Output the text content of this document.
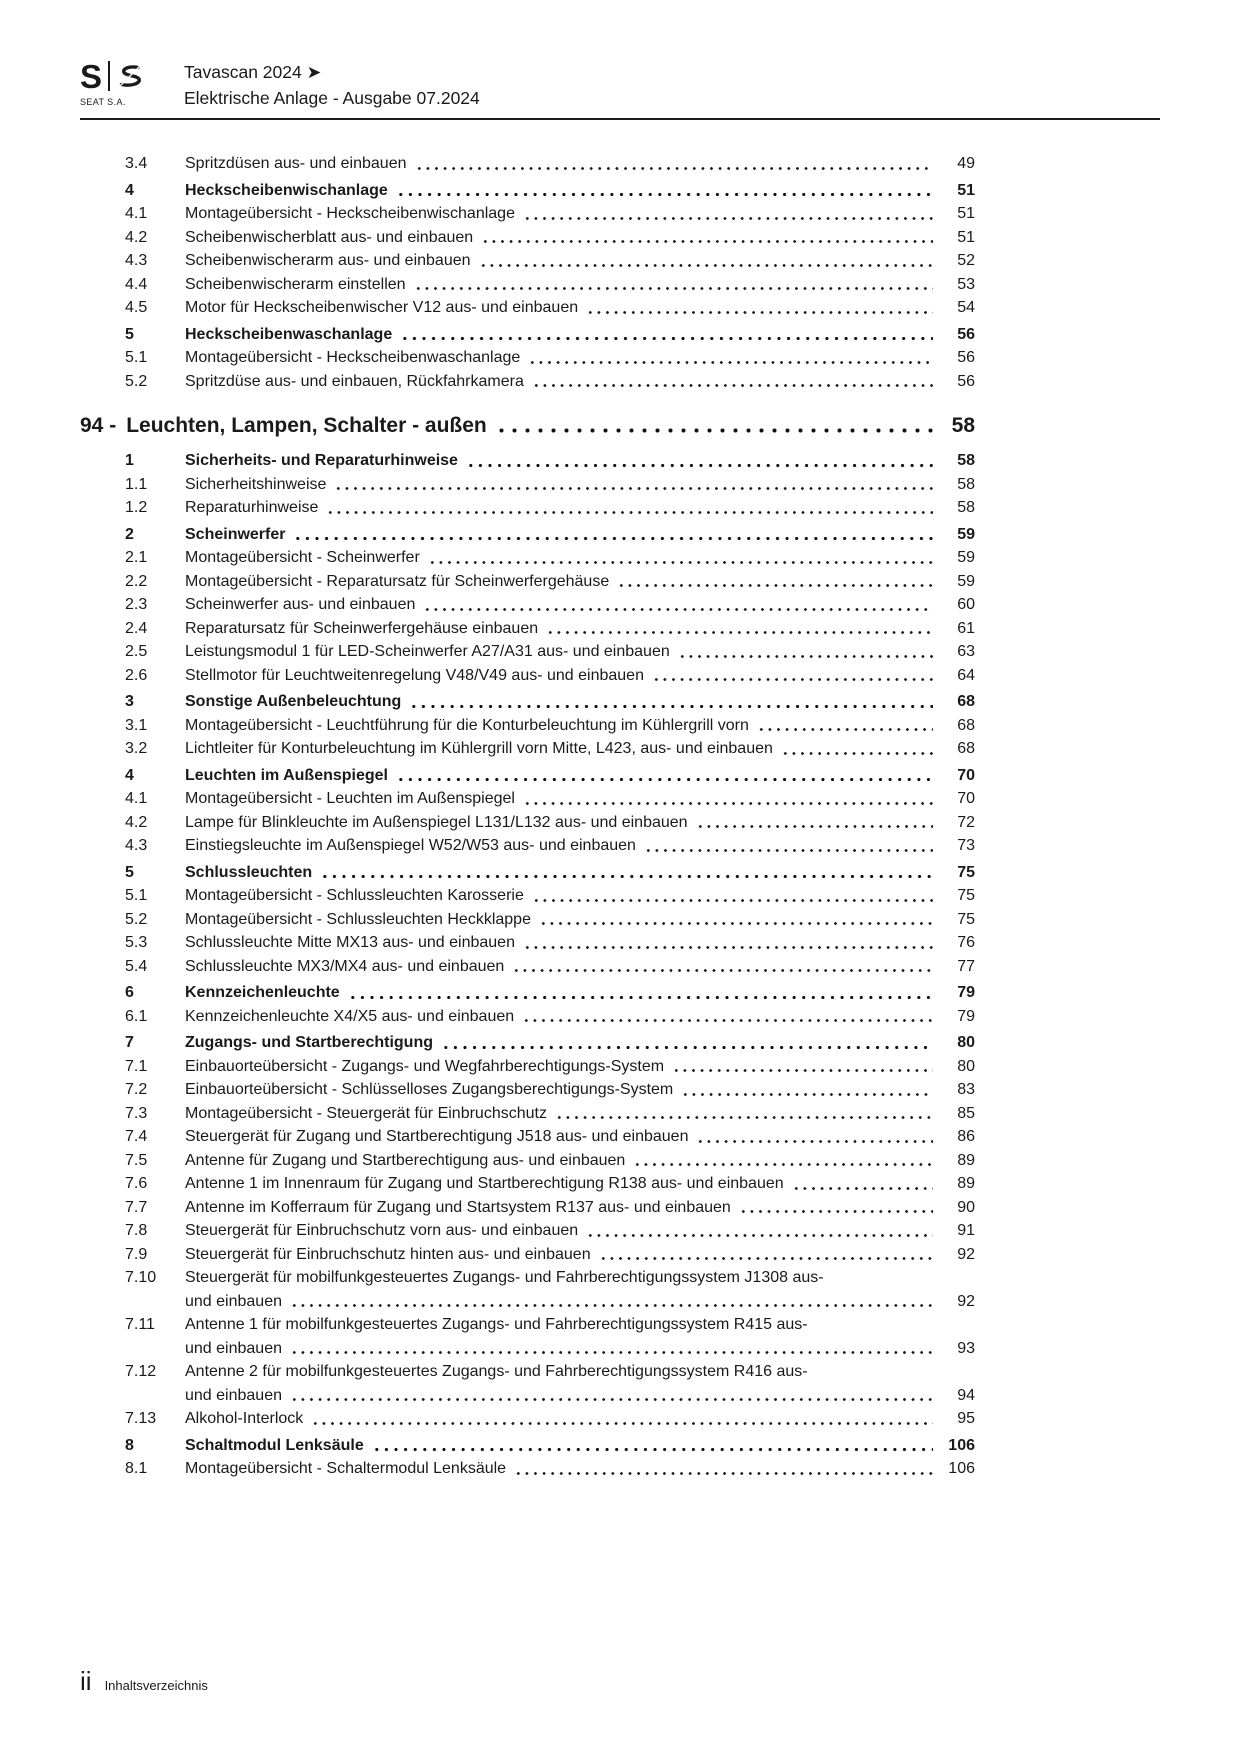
S
SEAT S.A.
Tavascan 2024 ➤
Elektrische Anlage - Ausgabe 07.2024
3.4	Spritzdüsen aus- und einbauen	49
4	Heckscheibenwischanlage	51
4.1	Montageübersicht - Heckscheibenwischanlage	51
4.2	Scheibenwischerblatt aus- und einbauen	51
4.3	Scheibenwischerarm aus- und einbauen	52
4.4	Scheibenwischerarm einstellen	53
4.5	Motor für Heckscheibenwischer V12 aus- und einbauen	54
5	Heckscheibenwaschanlage	56
5.1	Montageübersicht - Heckscheibenwaschanlage	56
5.2	Spritzdüse aus- und einbauen, Rückfahrkamera	56
94 - Leuchten, Lampen, Schalter - außen	58
1	Sicherheits- und Reparaturhinweise	58
1.1	Sicherheitshinweise	58
1.2	Reparaturhinweise	58
2	Scheinwerfer	59
2.1	Montageübersicht - Scheinwerfer	59
2.2	Montageübersicht - Reparatursatz für Scheinwerfergehäuse	59
2.3	Scheinwerfer aus- und einbauen	60
2.4	Reparatursatz für Scheinwerfergehäuse einbauen	61
2.5	Leistungsmodul 1 für LED-Scheinwerfer A27/A31 aus- und einbauen	63
2.6	Stellmotor für Leuchtweitenregelung V48/V49 aus- und einbauen	64
3	Sonstige Außenbeleuchtung	68
3.1	Montageübersicht - Leuchtführung für die Konturbeleuchtung im Kühlergrill vorn	68
3.2	Lichtleiter für Konturbeleuchtung im Kühlergrill vorn Mitte, L423, aus- und einbauen	68
4	Leuchten im Außenspiegel	70
4.1	Montageübersicht - Leuchten im Außenspiegel	70
4.2	Lampe für Blinkleuchte im Außenspiegel L131/L132 aus- und einbauen	72
4.3	Einstiegsleuchte im Außenspiegel W52/W53 aus- und einbauen	73
5	Schlussleuchten	75
5.1	Montageübersicht - Schlussleuchten Karosserie	75
5.2	Montageübersicht - Schlussleuchten Heckklappe	75
5.3	Schlussleuchte Mitte MX13 aus- und einbauen	76
5.4	Schlussleuchte MX3/MX4 aus- und einbauen	77
6	Kennzeichenleuchte	79
6.1	Kennzeichenleuchte X4/X5 aus- und einbauen	79
7	Zugangs- und Startberechtigung	80
7.1	Einbauorteübersicht - Zugangs- und Wegfahrberechtigungs-System	80
7.2	Einbauorteübersicht - Schlüsselloses Zugangsberechtigungs-System	83
7.3	Montageübersicht - Steuergerät für Einbruchschutz	85
7.4	Steuergerät für Zugang und Startberechtigung J518 aus- und einbauen	86
7.5	Antenne für Zugang und Startberechtigung aus- und einbauen	89
7.6	Antenne 1 im Innenraum für Zugang und Startberechtigung R138 aus- und einbauen	89
7.7	Antenne im Kofferraum für Zugang und Startsystem R137 aus- und einbauen	90
7.8	Steuergerät für Einbruchschutz vorn aus- und einbauen	91
7.9	Steuergerät für Einbruchschutz hinten aus- und einbauen	92
7.10	Steuergerät für mobilfunkgesteuertes Zugangs- und Fahrberechtigungssystem J1308 aus-
und einbauen	92
7.11	Antenne 1 für mobilfunkgesteuertes Zugangs- und Fahrberechtigungssystem R415 aus-
und einbauen	93
7.12	Antenne 2 für mobilfunkgesteuertes Zugangs- und Fahrberechtigungssystem R416 aus-
und einbauen	94
7.13	Alkohol-Interlock	95
8	Schaltmodul Lenksäule	106
8.1	Montageübersicht - Schaltermodul Lenksäule	106
ii Inhaltsverzeichnis
